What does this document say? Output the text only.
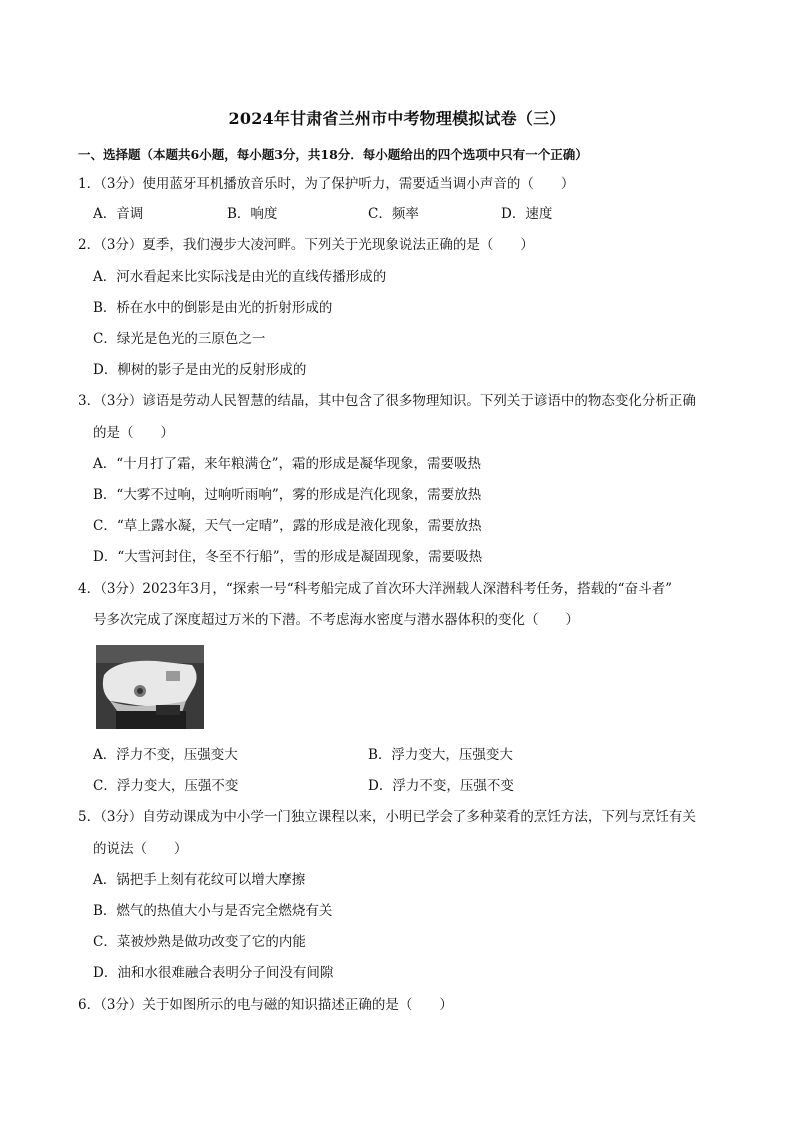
2024年甘肃省兰州市中考物理模拟试卷（三）
一、选择题（本题共6小题，每小题3分，共18分．每小题给出的四个选项中只有一个正确）
1．（3分）使用蓝牙耳机播放音乐时，为了保护听力，需要适当调小声音的（　　）
A．音调	B．响度	C．频率	D．速度
2．（3分）夏季，我们漫步大凌河畔。下列关于光现象说法正确的是（　　）
A．河水看起来比实际浅是由光的直线传播形成的
B．桥在水中的倒影是由光的折射形成的
C．绿光是色光的三原色之一
D．柳树的影子是由光的反射形成的
3．（3分）谚语是劳动人民智慧的结晶，其中包含了很多物理知识。下列关于谚语中的物态变化分析正确
的是（　　）
A．“十月打了霜，来年粮满仓”，霜的形成是凝华现象，需要吸热
B．“大雾不过响，过响听雨响”，雾的形成是汽化现象，需要放热
C．“草上露水凝，天气一定晴”，露的形成是液化现象，需要放热
D．“大雪河封住，冬至不行船”，雪的形成是凝固现象，需要吸热
4．（3分）2023年3月，“探索一号“科考船完成了首次环大洋洲载人深潜科考任务，搭载的“奋斗者”
号多次完成了深度超过万米的下潜。不考虑海水密度与潜水器体积的变化（　　）
A．浮力不变，压强变大	B．浮力变大，压强变大
C．浮力变大，压强不变	D．浮力不变，压强不变
5．（3分）自劳动课成为中小学一门独立课程以来，小明已学会了多种菜肴的烹饪方法，下列与烹饪有关
的说法（　　）
A．锅把手上刻有花纹可以增大摩擦
B．燃气的热值大小与是否完全燃烧有关
C．菜被炒熟是做功改变了它的内能
D．油和水很难融合表明分子间没有间隙
6．（3分）关于如图所示的电与磁的知识描述正确的是（　　）
